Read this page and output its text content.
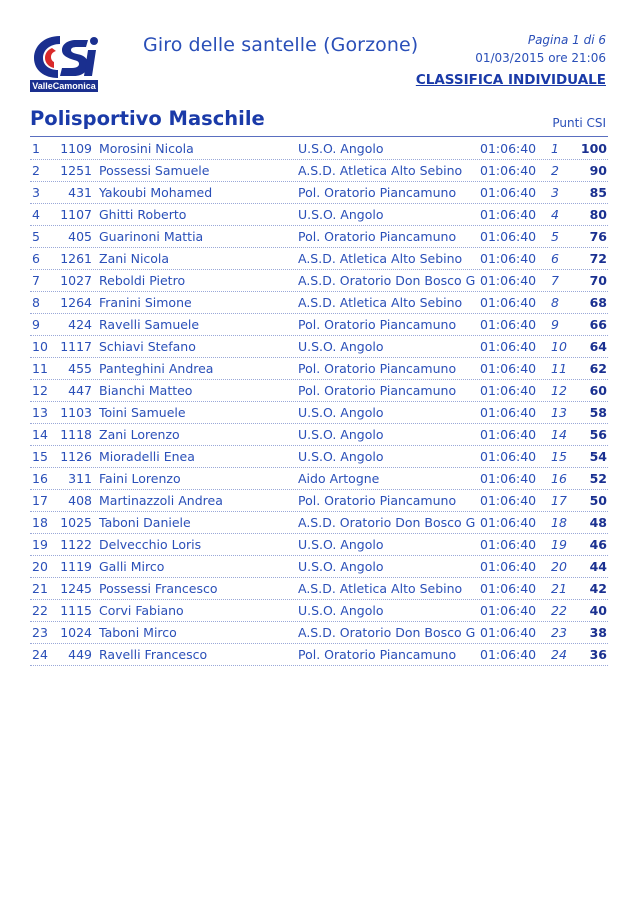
ValleCamonica
Giro delle santelle (Gorzone)	Pagina 1 di 6
01/03/2015 ore 21:06
CLASSIFICA INDIVIDUALE
Polisportivo Maschile	Punti CSI
1 1109 Morosini Nicola	U.S.O. Angolo	01:06:40 1 100
2 1251 Possessi Samuele	A.S.D. Atletica Alto Sebino 01:06:40 2 90
3 431 Yakoubi Mohamed	Pol. Oratorio Piancamuno 01:06:40 3 85
4 1107 Ghitti Roberto	U.S.O. Angolo	01:06:40 4 80
5 405 Guarinoni Mattia	Pol. Oratorio Piancamuno 01:06:40 5 76
6 1261 Zani Nicola	A.S.D. Atletica Alto Sebino 01:06:40 6 72
7 1027 Reboldi Pietro	A.S.D. Oratorio Don Bosco G 01:06:40 7 70
8 1264 Franini Simone	A.S.D. Atletica Alto Sebino 01:06:40 8 68
9 424 Ravelli Samuele	Pol. Oratorio Piancamuno 01:06:40 9 66
10 1117 Schiavi Stefano	U.S.O. Angolo	01:06:40 10 64
11 455 Panteghini Andrea	Pol. Oratorio Piancamuno 01:06:40 11 62
12 447 Bianchi Matteo	Pol. Oratorio Piancamuno 01:06:40 12 60
13 1103 Toini Samuele	U.S.O. Angolo	01:06:40 13 58
14 1118 Zani Lorenzo	U.S.O. Angolo	01:06:40 14 56
15 1126 Mioradelli Enea	U.S.O. Angolo	01:06:40 15 54
16 311 Faini Lorenzo	Aido Artogne	01:06:40 16 52
17 408 Martinazzoli Andrea	Pol. Oratorio Piancamuno 01:06:40 17 50
18 1025 Taboni Daniele	A.S.D. Oratorio Don Bosco G 01:06:40 18 48
19 1122 Delvecchio Loris	U.S.O. Angolo	01:06:40 19 46
20 1119 Galli Mirco	U.S.O. Angolo	01:06:40 20 44
21 1245 Possessi Francesco	A.S.D. Atletica Alto Sebino 01:06:40 21 42
22 1115 Corvi Fabiano	U.S.O. Angolo	01:06:40 22 40
23 1024 Taboni Mirco	A.S.D. Oratorio Don Bosco G 01:06:40 23 38
24 449 Ravelli Francesco	Pol. Oratorio Piancamuno 01:06:40 24 36
